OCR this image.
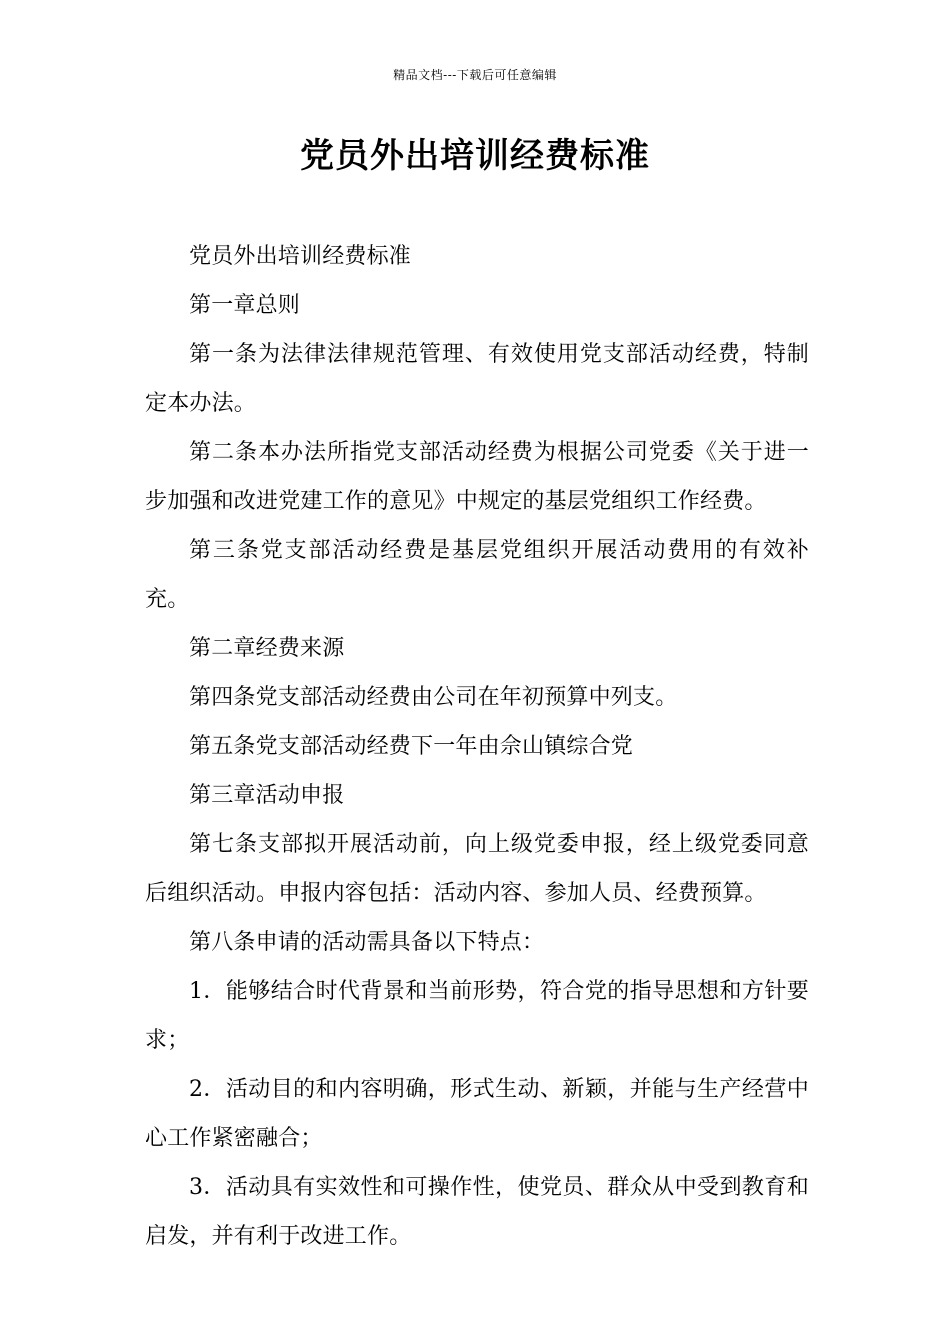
精品文档---下载后可任意编辑
党员外出培训经费标准

党员外出培训经费标准

第一章总则

第一条为法律法律规范管理、有效使用党支部活动经费，特制定本办法。

第二条本办法所指党支部活动经费为根据公司党委《关于进一步加强和改进党建工作的意见》中规定的基层党组织工作经费。

第三条党支部活动经费是基层党组织开展活动费用的有效补充。

第二章经费来源

第四条党支部活动经费由公司在年初预算中列支。

第五条党支部活动经费下一年由佘山镇综合党

第三章活动申报

第七条支部拟开展活动前，向上级党委申报，经上级党委同意后组织活动。申报内容包括：活动内容、参加人员、经费预算。

第八条申请的活动需具备以下特点：

1．能够结合时代背景和当前形势，符合党的指导思想和方针要求；

2．活动目的和内容明确，形式生动、新颖，并能与生产经营中心工作紧密融合；

3．活动具有实效性和可操作性，使党员、群众从中受到教育和启发，并有利于改进工作。
